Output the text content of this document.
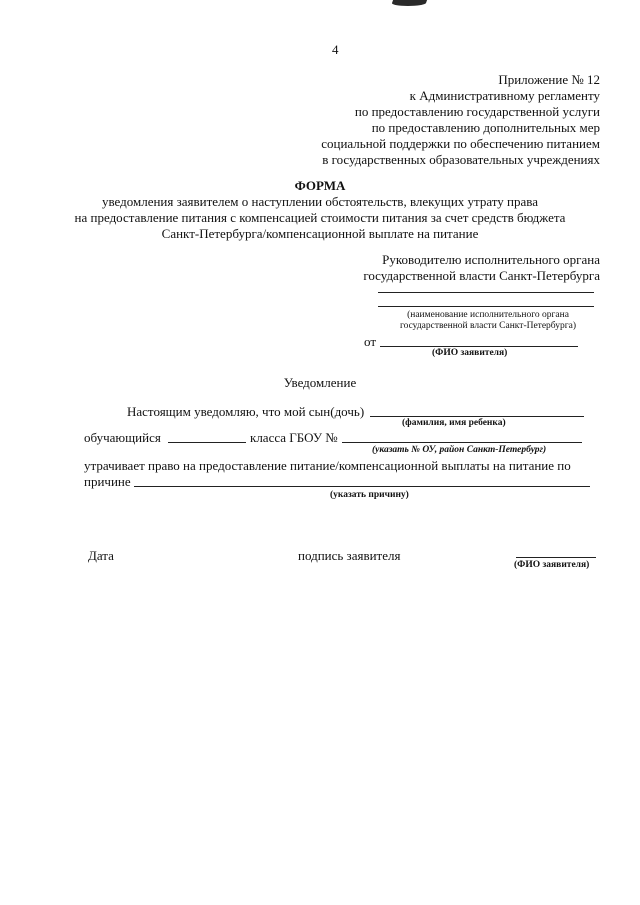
4
Приложение № 12
к Административному регламенту
по предоставлению государственной услуги
по предоставлению дополнительных мер
социальной поддержки по обеспечению питанием
в государственных образовательных учреждениях
ФОРМА
уведомления заявителем о наступлении обстоятельств, влекущих утрату права
на предоставление питания с компенсацией стоимости питания за счет средств бюджета
Санкт-Петербурга/компенсационной выплате на питание
Руководителю исполнительного органа
государственной власти Санкт-Петербурга
(наименование исполнительного органа
государственной власти Санкт-Петербурга)
от
(ФИО заявителя)
Уведомление
Настоящим уведомляю, что мой сын(дочь)
(фамилия, имя ребенка)
обучающийся	класса ГБОУ №
(указать № ОУ, район Санкт-Петербург)
утрачивает право на предоставление питание/компенсационной выплаты на питание по
причине
(указать причину)
Дата	подпись заявителя
(ФИО заявителя)
